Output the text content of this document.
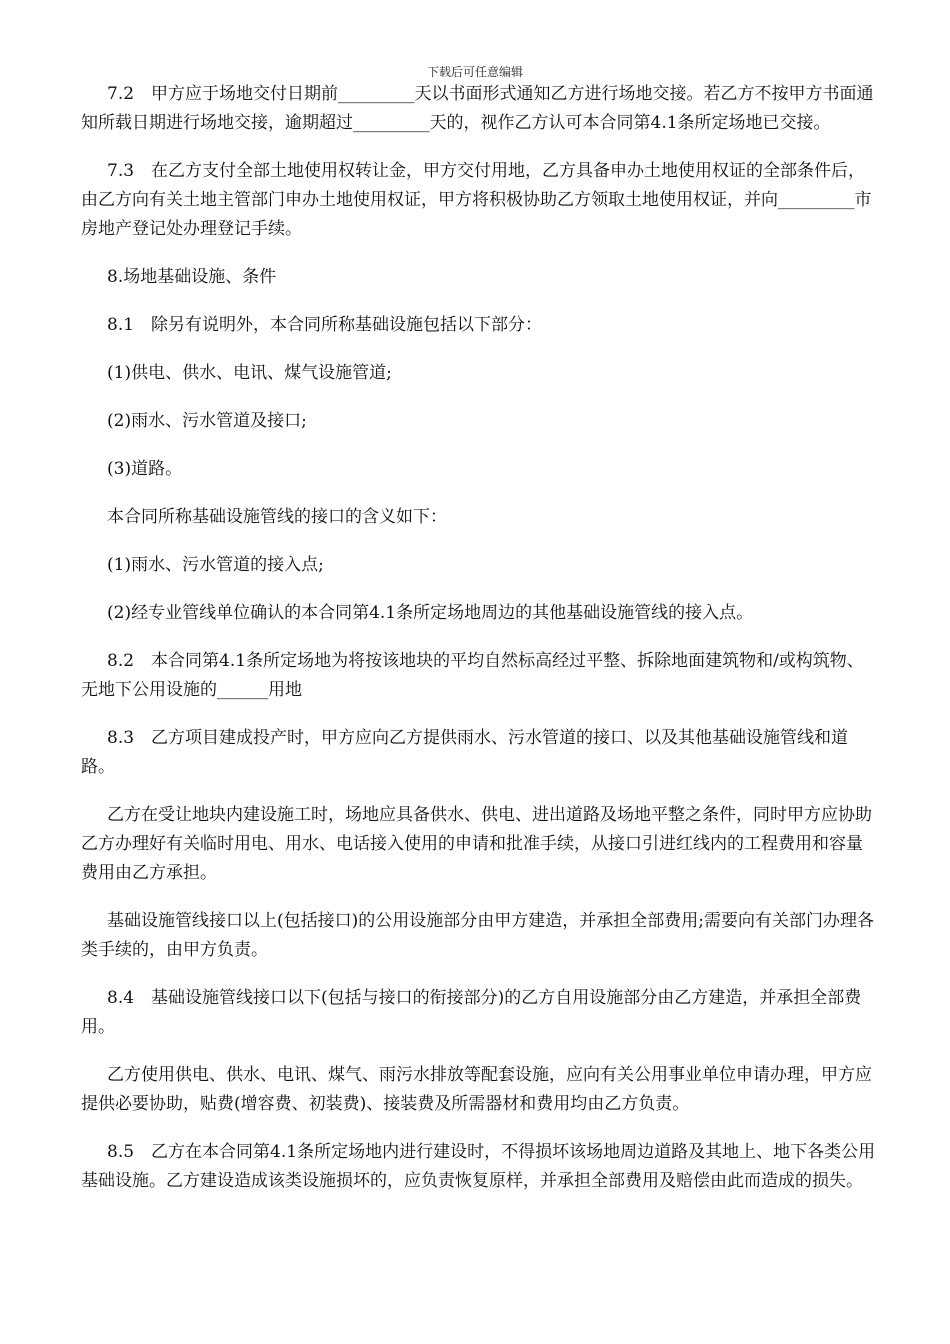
下载后可任意编辑

7.2　甲方应于场地交付日期前_________天以书面形式通知乙方进行场地交接。若乙方不按甲方书面通知所载日期进行场地交接，逾期超过_________天的，视作乙方认可本合同第4.1条所定场地已交接。

7.3　在乙方支付全部土地使用权转让金，甲方交付用地，乙方具备申办土地使用权证的全部条件后，由乙方向有关土地主管部门申办土地使用权证，甲方将积极协助乙方领取土地使用权证，并向_________市房地产登记处办理登记手续。

8.场地基础设施、条件

8.1　除另有说明外，本合同所称基础设施包括以下部分：

(1)供电、供水、电讯、煤气设施管道;

(2)雨水、污水管道及接口;

(3)道路。

本合同所称基础设施管线的接口的含义如下：

(1)雨水、污水管道的接入点;

(2)经专业管线单位确认的本合同第4.1条所定场地周边的其他基础设施管线的接入点。

8.2　本合同第4.1条所定场地为将按该地块的平均自然标高经过平整、拆除地面建筑物和/或构筑物、无地下公用设施的______用地

8.3　乙方项目建成投产时，甲方应向乙方提供雨水、污水管道的接口、以及其他基础设施管线和道路。

乙方在受让地块内建设施工时，场地应具备供水、供电、进出道路及场地平整之条件，同时甲方应协助乙方办理好有关临时用电、用水、电话接入使用的申请和批准手续，从接口引进红线内的工程费用和容量费用由乙方承担。

基础设施管线接口以上(包括接口)的公用设施部分由甲方建造，并承担全部费用;需要向有关部门办理各类手续的，由甲方负责。

8.4　基础设施管线接口以下(包括与接口的衔接部分)的乙方自用设施部分由乙方建造，并承担全部费用。

乙方使用供电、供水、电讯、煤气、雨污水排放等配套设施，应向有关公用事业单位申请办理，甲方应提供必要协助，贴费(增容费、初装费)、接装费及所需器材和费用均由乙方负责。

8.5　乙方在本合同第4.1条所定场地内进行建设时，不得损坏该场地周边道路及其地上、地下各类公用基础设施。乙方建设造成该类设施损坏的，应负责恢复原样，并承担全部费用及赔偿由此而造成的损失。
